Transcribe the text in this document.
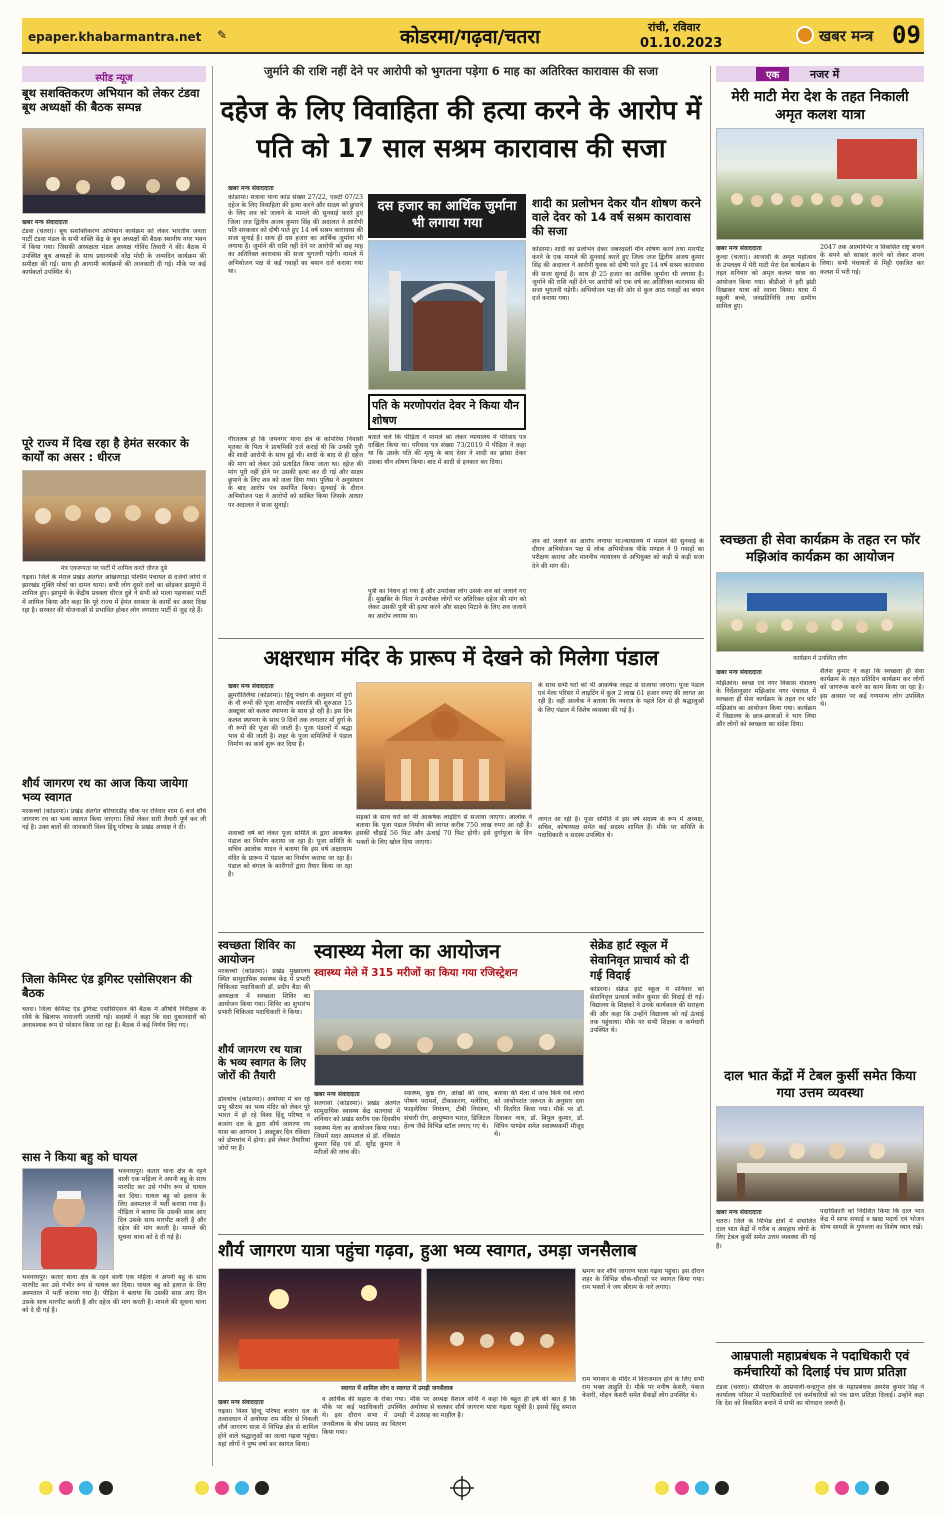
epaper.khabarmantra.net ✎	कोडरमा/गढ़वा/चतरा	रांची, रविवार
01.10.2023	खबर मन्त्र 09
स्पीड न्यूज
बूथ सशक्तिकरण अभियान को लेकर टंडवा बूथ अध्यक्षों की बैठक सम्पन्न
खबर मन्त्र संवाददाता
टंडवा (चतरा)। बूथ सशक्तिकरण अभियान कार्यक्रम को लेकर भारतीय जनता पार्टी टंडवा मंडल के सभी शक्ति केंद्र के बूथ अध्यक्षों की बैठक स्थानीय नगर भवन में किया गया। जिसकी अध्यक्षता मंडल अध्यक्ष गोविंद तिवारी ने की। बैठक में उपस्थित बूथ अध्यक्षों के साथ प्रधानमंत्री नरेंद्र मोदी के जन्मदिन कार्यक्रम की समीक्षा की गई। साथ ही आगामी कार्यक्रमों की जानकारी दी गई। मौके पर कई कार्यकर्ता उपस्थित थे।
पूरे राज्य में दिख रहा है हेमंत सरकार के कार्यों का असर : धीरज
मंत्र एकरूपता पर पार्टी में शामिल करते धीरज दुबे
गढ़वा। जिले के मेराल प्रखंड अंतर्गत ओखरगाड़ा पश्चिम पंचायत से दर्जनों लोगों ने झारखंड मुक्ति मोर्चा का दामन थामा। सभी लोग दूसरे दलों का छोड़कर झामुमो में शामिल हुए। झामुमो के केंद्रीय प्रवक्ता धीरज दुबे ने सभी को माला पहनाकर पार्टी में शामिल किया और कहा कि पूरे राज्य में हेमंत सरकार के कार्यों का असर दिख रहा है। सरकार की योजनाओं से प्रभावित होकर लोग लगातार पार्टी से जुड़ रहे हैं।
शौर्य जागरण रथ का आज किया जायेगा भव्य स्वागत
मरकच्चो (कोडरमा)। प्रखंड अंतर्गत बरियारडीह चौक पर रविवार शाम 6 बजे शौर्य जागरण रथ का भव्य स्वागत किया जाएगा। जिसे लेकर सारी तैयारी पूर्ण कर ली गई है। उक्त बातों की जानकारी विश्व हिंदू परिषद के प्रखंड अध्यक्ष ने दी।
जिला केमिस्ट एंड ड्रगिस्ट एसोसिएशन की बैठक
चतरा। जिला केमिस्ट एंड ड्रगिस्ट एसोसिएशन की बैठक में औषधि निरीक्षक के रवैये के खिलाफ नाराजगी जतायी गई। सदस्यों ने कहा कि दवा दुकानदारों को अनावश्यक रूप से परेशान किया जा रहा है। बैठक में कई निर्णय लिए गए।
सास ने किया बहु को घायल
भवनाथपुर। कतार थाना क्षेत्र के रहने वाली एक महिला ने अपनी बहु के साथ मारपीट कर उसे गंभीर रूप से घायल कर दिया। घायल बहु को इलाज के लिए अस्पताल में भर्ती कराया गया है। पीड़िता ने बताया कि उसकी सास आए दिन उसके साथ मारपीट करती है और दहेज की मांग करती है। मामले की सूचना थाना को दे दी गई है।
भवनाथपुर। कतार थाना क्षेत्र के रहने वाली एक महिला ने अपनी बहु के साथ मारपीट कर उसे गंभीर रूप से घायल कर दिया। घायल बहु को इलाज के लिए अस्पताल में भर्ती कराया गया है। पीड़िता ने बताया कि उसकी सास आए दिन उसके साथ मारपीट करती है और दहेज की मांग करती है। मामले की सूचना थाना को दे दी गई है।
जुर्माने की राशि नहीं देने पर आरोपी को भुगतना पड़ेगा 6 माह का अतिरिक्त कारावास की सजा
दहेज के लिए विवाहिता की हत्या करने के आरोप में पति को 17 साल सश्रम कारावास की सजा
खबर मन्त्र संवाददाता
कोडरमा। सत्रावा थाना कांड संख्या 27/22, एसटी 07/23 दहेज के लिए विवाहिता की हत्या करने और साक्ष्य को छुपाने के लिए शव को जलाने के मामले की सुनवाई करते हुए जिला जज द्वितीय अजय कुमार सिंह की अदालत ने आरोपी पति सरकवार को दोषी पाते हुए 14 वर्ष सश्रम कारावास की सजा सुनाई है। साथ ही दस हजार का आर्थिक जुर्माना भी लगाया है। जुर्माने की राशि नहीं देने पर आरोपी को छह माह का अतिरिक्त कारावास की सजा भुगतनी पड़ेगी। मामले में अभियोजन पक्ष से कई गवाहों का बयान दर्ज कराया गया था।
गौरतलब हो कि जयनगर थाना क्षेत्र के कोपरिया निवासी मृतका के पिता ने प्राथमिकी दर्ज कराई थी कि उनकी पुत्री की शादी आरोपी के साथ हुई थी। शादी के बाद से ही दहेज की मांग को लेकर उसे प्रताड़ित किया जाता था। दहेज की मांग पूरी नहीं होने पर उसकी हत्या कर दी गई और साक्ष्य छुपाने के लिए शव को जला दिया गया। पुलिस ने अनुसंधान के बाद आरोप पत्र समर्पित किया। सुनवाई के दौरान अभियोजन पक्ष ने आरोपों को साबित किया जिसके आधार पर अदालत ने सजा सुनाई।
दस हजार का आर्थिक जुर्माना भी लगाया गया
पति के मरणोपरांत देवर ने किया यौन शोषण
बताते चलें कि पीड़िता ने मामले को लेकर न्यायालय में परिवाद पत्र दाखिल किया था। परिवाद पत्र संख्या 73/2019 में पीड़िता ने कहा था कि उसके पति की मृत्यु के बाद देवर ने शादी का झांसा देकर उसका यौन शोषण किया। बाद में शादी से इनकार कर दिया।
पुत्री का निधन हो गया है और उपरोक्त लोग उसके शव को जलाने गए हैं। मुखबिर के पिता ने उपरोक्त लोगों पर अतिरिक्त दहेज की मांग को लेकर उसकी पुत्री की हत्या करने और साक्ष्य मिटाने के लिए शव जलाने का आरोप लगाया था।
शादी का प्रलोभन देकर यौन शोषण करने वाले देवर को 14 वर्ष सश्रम कारावास की सजा
कोडरमा। शादी का प्रलोभन देकर जबरदस्ती यौन शोषण करने तथा मारपीट करने के एक मामले की सुनवाई करते हुए जिला जज द्वितीय अजय कुमार सिंह की अदालत ने आरोपी युवक को दोषी पाते हुए 14 वर्ष सश्रम कारावास की सजा सुनाई है। साथ ही 25 हजार का आर्थिक जुर्माना भी लगाया है। जुर्माने की राशि नहीं देने पर आरोपी को एक वर्ष का अतिरिक्त कारावास की सजा भुगतनी पड़ेगी। अभियोजन पक्ष की ओर से कुल आठ गवाहों का बयान दर्ज कराया गया।
शव को जलाने का आरोप लगाया था।न्यायालय में मामले की सुनवाई के दौरान अभियोजन पक्ष से लोक अभियोजक पीके मण्डल ने 9 गवाहों का परीक्षण कराया और माननीय न्यायालय से अभियुक्त को कड़ी से कड़ी सजा देने की मांग की।
अक्षरधाम मंदिर के प्रारूप में देखने को मिलेगा पंडाल
खबर मन्त्र संवाददाता
झुमरीतिलैया (कोडरमा)। हिंदू पंचांग के अनुसार माँ दुर्गा के नौ रूपों की पूजा शारदीय नवरात्रि की शुरुआत 15 अक्टूबर को कलश स्थापना के साथ हो रही है। इस दिन कलश स्थापना के साथ 9 दिनों तक लगातार माँ दुर्गा के नौ रूपों की पूजा की जाती है। पूजा पंडालों में श्रद्धा भाव से की जाती है। शहर के पूजा समितियों ने पंडाल निर्माण का कार्य शुरू कर दिया है।
शताब्दी वर्ष को लेकर पूजा समिति के द्वारा आकर्षक पंडाल का निर्माण कराया जा रहा है। पूजा समिति के सचिव आलोक यादव ने बताया कि इस वर्ष अक्षरधाम मंदिर के प्रारूप में पंडाल का निर्माण कराया जा रहा है। पंडाल को बंगाल के कारीगरों द्वारा तैयार किया जा रहा है।
सड़कों के साथ घरों को भी आकर्षक लाइटिंग से सजाया जाएगा। आलोक ने बताया कि पूजा पंडाल निर्माण की लागत करीब 750 लाख रुपए आ रही है। इसकी चौड़ाई 56 फिट और ऊंचाई 70 फिट होगी। इसे दुर्गापूजा के दिन भक्तों के लिए खोल दिया जाएगा।
के साथ सभी घरों को भी आकर्षक लाइट से सजाया जाएगा। पूजा पंडाल एवं मेला परिसर में लाइटिंग में कुल 2 लाख 61 हजार रुपए की लागत आ रही है। वहीं आलोक ने बताया कि नवरात्र के पहले दिन से ही श्रद्धालुओं के लिए पंडाल में विशेष व्यवस्था की गई है।
लागत आ रही है। पूजा समिति में इस वर्ष सदस्य के रूप में अध्यक्ष, सचिव, कोषाध्यक्ष समेत कई सदस्य शामिल हैं। मौके पर समिति के पदाधिकारी व सदस्य उपस्थित थे।
स्वच्छता शिविर का आयोजन
मरकच्चो (कोडरमा)। प्रखंड मुख्यालय स्थित सामुदायिक स्वास्थ्य केंद्र में प्रभारी चिकित्सा पदाधिकारी डॉ. प्रदीप बैठा की अध्यक्षता में स्वच्छता शिविर का आयोजन किया गया। शिविर का शुभारंभ प्रभारी चिकित्सा पदाधिकारी ने किया।
शौर्य जागरण रथ यात्रा के भव्य स्वागत के लिए जोरों की तैयारी
डोमचांच (कोडरमा)। अयोध्या में बन रहे प्रभु श्रीराम का भव्य मंदिर को लेकर पूरे भारत में हो रहे विश्व हिंदू परिषद व बजरंग दल के द्वारा शौर्य जागरण रथ यात्रा का आगमन 1 अक्टूबर दिन रविवार को डोमचांच में होगा। इसे लेकर तैयारियां जोरों पर हैं।
स्वास्थ्य मेला का आयोजन
स्वास्थ्य मेले में 315 मरीजों का किया गया रजिस्ट्रेशन
खबर मन्त्र संवाददाता
सतगावां (कोडरमा)। प्रखंड अंतर्गत सामुदायिक स्वास्थ्य केंद्र सतगावां में शनिवार को प्रखंड स्तरीय एक दिवसीय स्वास्थ्य मेला का आयोजन किया गया। जिसमें सदर अस्पताल से डॉ. रविकांत कुमार सिंह एवं डॉ. सुरेंद्र कुमार ने मरीजों की जांच की।
स्वास्थ्य, कुष्ठ रोग, आंखों की जांच, पोषण परामर्श, टीकाकरण, मलेरिया, फाइलेरिया नियंत्रण, टीबी नियंत्रण, संचारी रोग, आयुष्मान भारत, डिजिटल हेल्थ जैसे विभिन्न स्टॉल लगाए गए थे।
बताया की मेला में जांच किये गये लोगों को जांचोपरांत जरूरत के अनुसार दवा भी वितरित किया गया। मौके पर डॉ. दिवाकर नाथ, डॉ. बिपुल कुमार, डॉ. विपिन पाण्डेय समेत स्वास्थ्यकर्मी मौजूद थे।
सेक्रेड हार्ट स्कूल में सेवानिवृत प्राचार्य को दी गई विदाई
कोडरमा। सेक्रेड हार्ट स्कूल में शनिवार को सेवानिवृत्त प्राचार्य नवीन कुमार की विदाई दी गई। विद्यालय के शिक्षकों ने उनके कार्यकाल की सराहना की और कहा कि उन्होंने विद्यालय को नई ऊंचाई तक पहुंचाया। मौके पर सभी शिक्षक व कर्मचारी उपस्थित थे।
एक	नजर में
मेरी माटी मेरा देश के तहत निकाली अमृत कलश यात्रा
खबर मन्त्र संवाददाता
कुन्दा (चतरा)। आजादी के अमृत महोत्सव के उपलक्ष्य में मेरी माटी मेरा देश कार्यक्रम के तहत शनिवार को अमृत कलश यात्रा का आयोजन किया गया। बीडीओ ने हरी झंडी दिखाकर यात्रा को रवाना किया। यात्रा में स्कूली बच्चे, जनप्रतिनिधि तथा ग्रामीण शामिल हुए।
2047 तक आत्मनिर्भर व विकसित राष्ट्र बनाने के सपने को साकार करने को लेकर शपथ लिया। सभी पंचायतों से मिट्टी एकत्रित कर कलश में भरी गई।
स्वच्छता ही सेवा कार्यक्रम के तहत रन फॉर मझिआंव कार्यक्रम का आयोजन
कार्यक्रम में उपस्थित लोग
खबर मन्त्र संवाददाता
मझिआंव। स्वच्छ एवं नगर विकास मंत्रालय के निर्देशानुसार मझिआंव नगर पंचायत में स्वच्छता ही सेवा कार्यक्रम के तहत रन फॉर मझिआंव का आयोजन किया गया। कार्यक्रम में विद्यालय के छात्र-छात्राओं ने भाग लिया और लोगों को स्वच्छता का संदेश दिया।
शैलेश कुमार ने कहा कि स्वच्छता ही सेवा कार्यक्रम के तहत प्रतिदिन कार्यक्रम कर लोगों को जागरूक करने का काम किया जा रहा है। इस अवसर पर कई गणमान्य लोग उपस्थित थे।
दाल भात केंद्रों में टेबल कुर्सी समेत किया गया उत्तम व्यवस्था
खबर मन्त्र संवाददाता
चतरा। जिले के विभिन्न क्षेत्रों में संचालित दाल भात केंद्रों में गरीब व असहाय लोगों के लिए टेबल कुर्सी समेत उत्तम व्यवस्था की गई है।
पदाधिकारी को निर्देशित किया कि दाल भात केंद्र में साफ सफाई व खाद्य पदार्थ एवं भोजन योग्य सामग्री के गुणवत्ता का विशेष ध्यान रखें।
आम्रपाली महाप्रबंधक ने पदाधिकारी एवं कर्मचारियों को दिलाई पंच प्राण प्रतिज्ञा
टंडवा (चतरा)। सीसीएल के आम्रपाली-चन्द्रगुप्त क्षेत्र के महाप्रबंधक अमरेश कुमार सिंह ने कार्यालय परिसर में पदाधिकारियों एवं कर्मचारियों को पंच प्राण प्रतिज्ञा दिलाई। उन्होंने कहा कि देश को विकसित बनाने में सभी का योगदान जरूरी है।
शौर्य जागरण यात्रा पहुंचा गढ़वा, हुआ भव्य स्वागत, उमड़ा जनसैलाब
स्वागत में शामिल लोग व स्वागत में उमड़ी जनसैलाब
खबर मन्त्र संवाददाता
गढ़वा। विश्व हिन्दू परिषद बजरंग दल के तत्वावधान में अयोध्या राम मंदिर से निकली शौर्य जागरण यात्रा में विभिन्न क्षेत्र से शामिल होने वाले श्रद्धालुओं का जत्था गढ़वा पहुंचा। यहां लोगों ने पुष्प वर्षा कर स्वागत किया।
व आर्थिक की सहारा के रोका गया। मौके पर कई पदाधिकारी उपस्थित थे। इस दौरान सभा में उमड़ी जनसैलाब के बीच प्रसाद का वितरण किया गया।
मौके पर अध्यक्ष वैशाल सोनी ने कहा कि बहुत ही हर्ष की बात है कि अयोध्या से चलकर शौर्य जागरण यात्रा गढ़वा पहुंची है। इससे हिंदू समाज में उत्साह का माहौल है।
भ्रमण कर शौर्य जागरण यात्रा गढ़वा पहुंचा। इस दौरान शहर के विभिन्न चौक-चौराहों पर स्वागत किया गया। राम भक्तों ने जय श्रीराम के नारे लगाए।
राम भगवान के मंदिर में विराजमान होने के लिए सभी राम भक्त आहुति दें। मौके पर मनीष केशरी, पंकज केशरी, मोहन केशरी समेत सैकड़ों लोग उपस्थित थे।
